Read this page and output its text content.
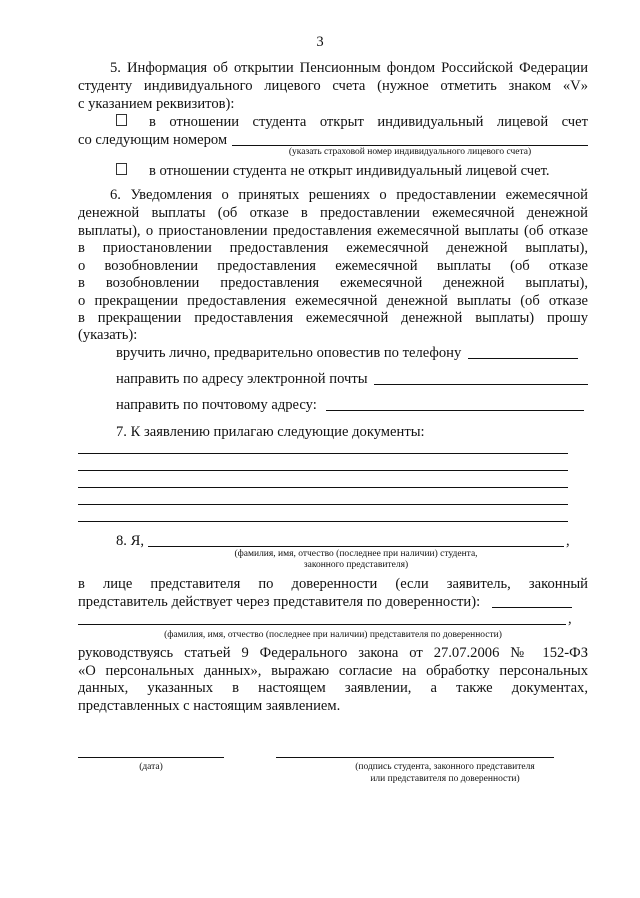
3
5. Информация об открытии Пенсионным фондом Российской Федерации
студенту индивидуального лицевого счета (нужное отметить знаком «V»
с указанием реквизитов):
в отношении студента открыт индивидуальный лицевой счет
со следующим номером
(указать страховой номер индивидуального лицевого счета)
в отношении студента не открыт индивидуальный лицевой счет.
6. Уведомления о принятых решениях о предоставлении ежемесячной
денежной выплаты (об отказе в предоставлении ежемесячной денежной
выплаты), о приостановлении предоставления ежемесячной выплаты (об отказе
в приостановлении предоставления ежемесячной денежной выплаты),
о возобновлении предоставления ежемесячной выплаты (об отказе
в возобновлении предоставления ежемесячной денежной выплаты),
о прекращении предоставления ежемесячной денежной выплаты (об отказе
в прекращении предоставления ежемесячной денежной выплаты) прошу
(указать):
вручить лично, предварительно оповестив по телефону
направить по адресу электронной почты
направить по почтовому адресу:
7. К заявлению прилагаю следующие документы:
8. Я,	,
(фамилия, имя, отчество (последнее при наличии) студента,
законного представителя)
в лице представителя по доверенности (если заявитель, законный
представитель действует через представителя по доверенности):
,
(фамилия, имя, отчество (последнее при наличии) представителя по доверенности)
руководствуясь статьей 9 Федерального закона от 27.07.2006 № 152-ФЗ
«О персональных данных», выражаю согласие на обработку персональных
данных, указанных в настоящем заявлении, а также документах,
представленных с настоящим заявлением.
(дата)	(подпись студента, законного представителя
или представителя по доверенности)
